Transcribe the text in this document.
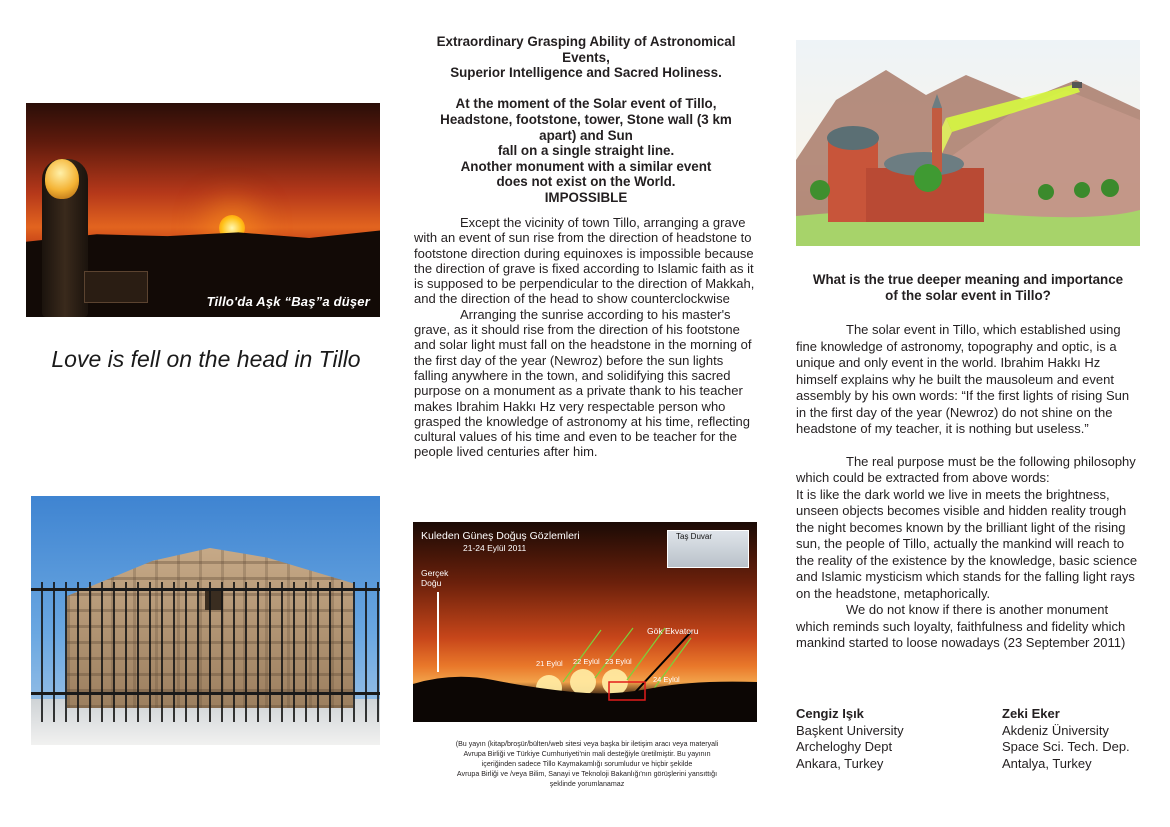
Tillo'da Aşk “Baş”a düşer
Love is fell on the head in Tillo
Extraordinary Grasping Ability of Astronomical
Events,
Superior Intelligence and Sacred Holiness.
At the moment of the Solar event of Tillo,
Headstone, footstone, tower, Stone wall (3 km
apart) and Sun
fall on a single straight line.
Another monument with a similar event
does not exist on the World.
IMPOSSIBLE

Except the vicinity of town Tillo, arranging a grave with an event of sun rise from the direction of headstone to footstone direction during equinoxes is impossible because the direction of grave is fixed according to Islamic faith as it is supposed to be perpendicular to the direction of Makkah, and the direction of the head to show counterclockwise

Arranging the sunrise according to his master's grave, as it should rise from the direction of his footstone and solar light must fall on the headstone in the morning of the first day of the year (Newroz) before the sun lights falling anywhere in the town, and solidifying this sacred purpose on a monument as a private thank to his teacher makes Ibrahim Hakkı Hz very respectable person who grasped the knowledge of astronomy at his time, reflecting cultural values of his time and even to be teacher for the people lived centuries after him.

Kuleden Güneş Doğuş Gözlemleri
21-24 Eylül 2011
Gerçek Doğu
Gök Ekvatoru
21 Eylül 22 Eylül 23 Eylül
24 Eylül
Taş Duvar
(Bu yayın (kitap/broşür/bülten/web sitesi veya başka bir iletişim aracı veya materyali
Avrupa Birliği ve Türkiye Cumhuriyeti'nin mali desteğiyle üretilmiştir. Bu yayının
içeriğinden sadece Tillo Kaymakamlığı sorumludur ve hiçbir şekilde
Avrupa Birliği ve /veya Bilim, Sanayi ve Teknoloji Bakanlığı'nın görüşlerini yansıttığı
şeklinde yorumlanamaz
What is the true deeper meaning and importance
of the solar event in Tillo?

The solar event in Tillo, which established using fine knowledge of astronomy, topography and optic, is a unique and only event in the world. Ibrahim Hakkı Hz himself explains why he built the mausoleum and event assembly by his own words: “If the first lights of rising Sun in the first day of the year (Newroz) do not shine on the headstone of my teacher, it is nothing but useless.”

The real purpose must be the following philosophy which could be extracted from above words:

It is like the dark world we live in meets the brightness, unseen objects becomes visible and hidden reality trough the night becomes known by the brilliant light of the rising sun, the people of Tillo, actually the mankind will reach to the reality of the existence by the knowledge, basic science and Islamic mysticism which stands for the falling light rays on the headstone, metaphorically.

We do not know if there is another monument which reminds such loyalty, faithfulness and fidelity which mankind started to loose nowadays (23 September 2011)

Cengiz Işık
Başkent University
Archeloghy Dept
Ankara, Turkey
Zeki Eker
Akdeniz Üniversity
Space Sci. Tech. Dep.
Antalya, Turkey
